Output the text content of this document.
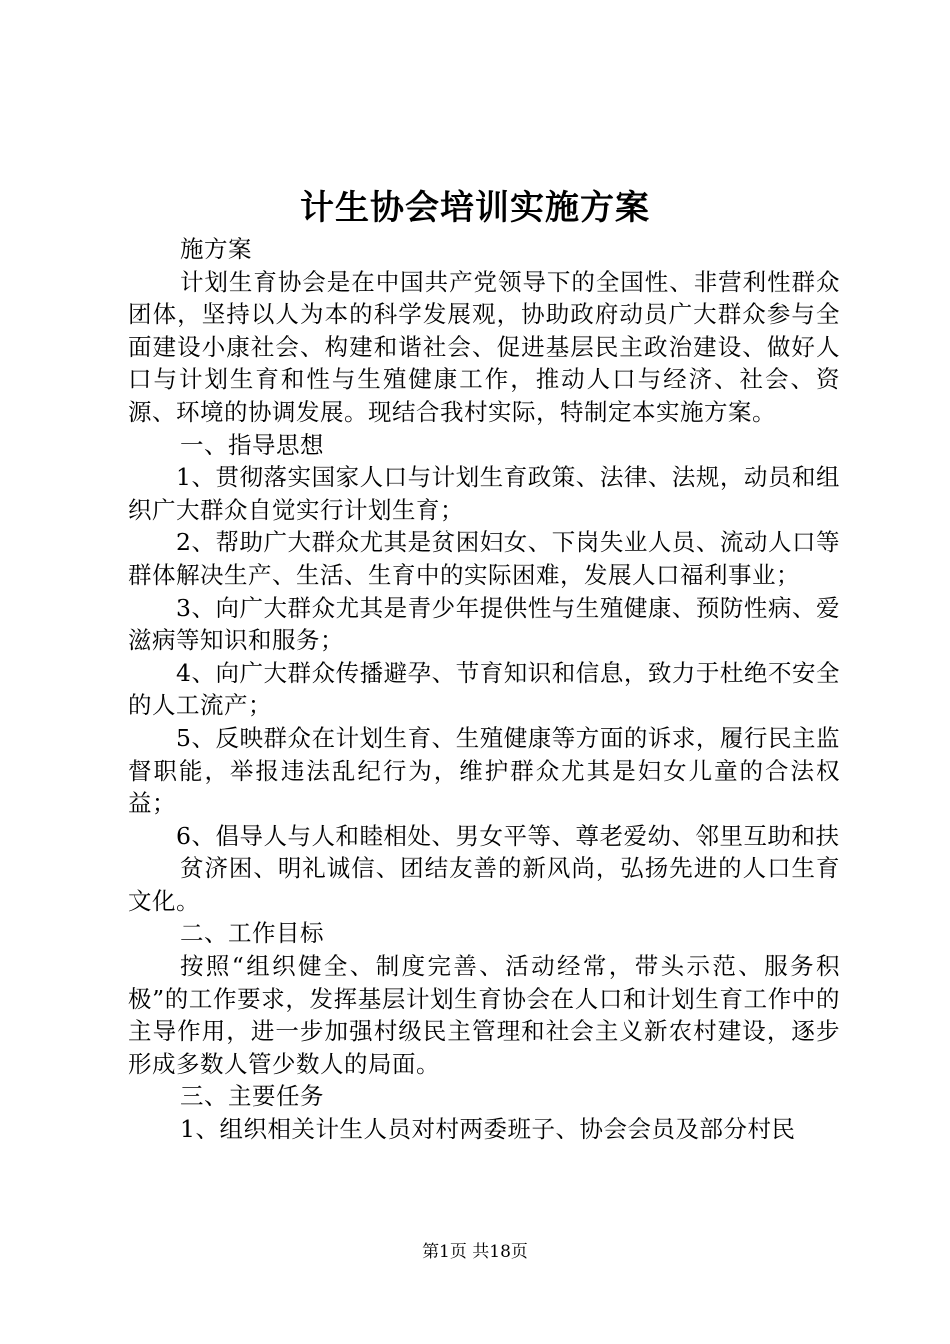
计生协会培训实施方案

施方案

计划生育协会是在中国共产党领导下的全国性、非营利性群众团体，坚持以人为本的科学发展观，协助政府动员广大群众参与全面建设小康社会、构建和谐社会、促进基层民主政治建设、做好人口与计划生育和性与生殖健康工作，推动人口与经济、社会、资源、环境的协调发展。现结合我村实际，特制定本实施方案。

一、指导思想

1、贯彻落实国家人口与计划生育政策、法律、法规，动员和组织广大群众自觉实行计划生育；

2、帮助广大群众尤其是贫困妇女、下岗失业人员、流动人口等群体解决生产、生活、生育中的实际困难，发展人口福利事业；

3、向广大群众尤其是青少年提供性与生殖健康、预防性病、爱滋病等知识和服务；

4、向广大群众传播避孕、节育知识和信息，致力于杜绝不安全的人工流产；

5、反映群众在计划生育、生殖健康等方面的诉求，履行民主监督职能，举报违法乱纪行为，维护群众尤其是妇女儿童的合法权益；

6、倡导人与人和睦相处、男女平等、尊老爱幼、邻里互助和扶

贫济困、明礼诚信、团结友善的新风尚，弘扬先进的人口生育文化。

二、工作目标

按照“组织健全、制度完善、活动经常，带头示范、服务积极”的工作要求，发挥基层计划生育协会在人口和计划生育工作中的主导作用，进一步加强村级民主管理和社会主义新农村建设，逐步形成多数人管少数人的局面。

三、主要任务

1、组织相关计生人员对村两委班子、协会会员及部分村民

第1页 共18页
